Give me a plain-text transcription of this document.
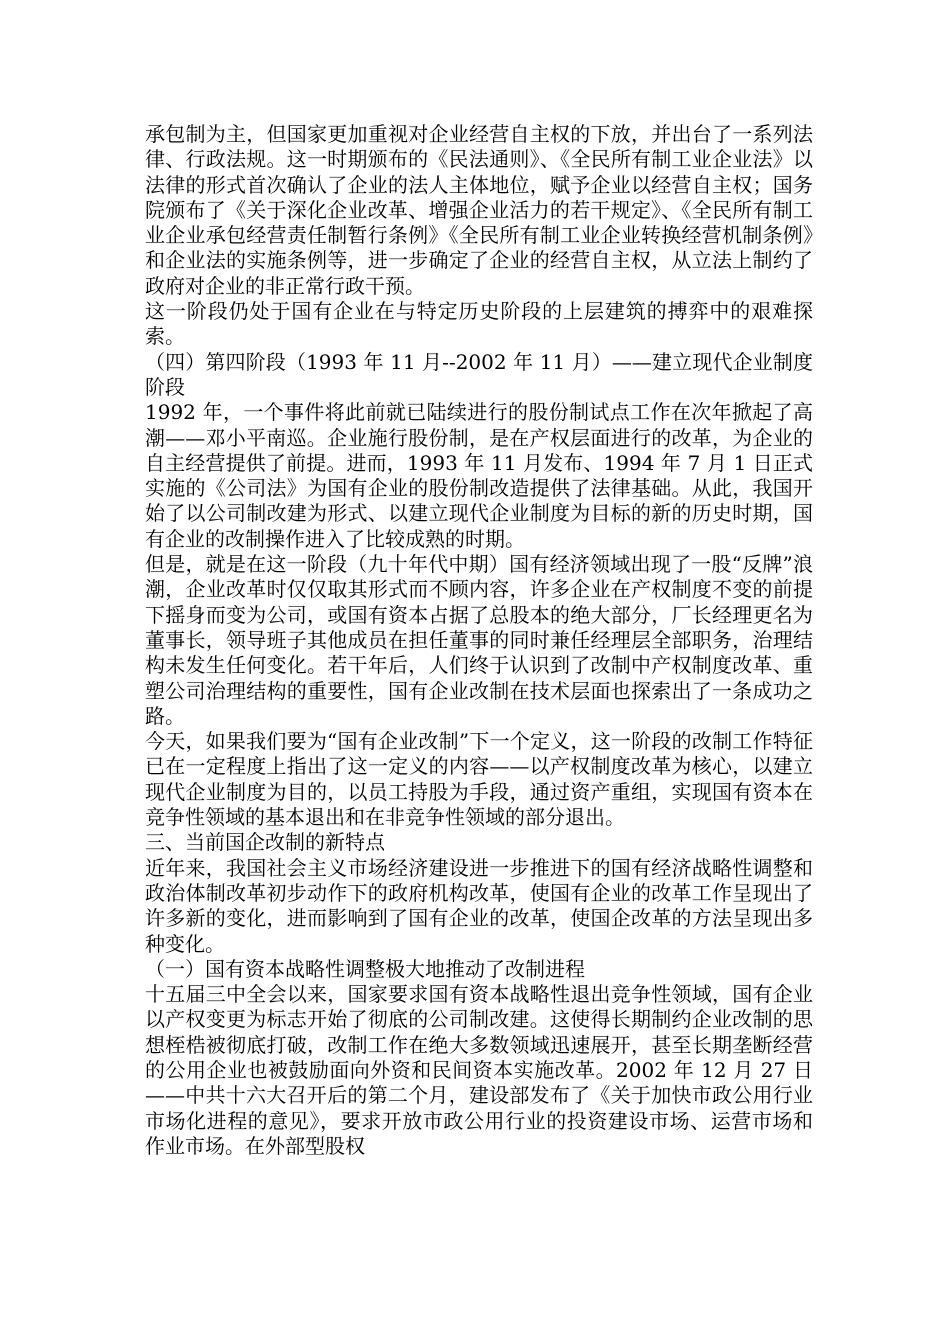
承包制为主，但国家更加重视对企业经营自主权的下放，并出台了一系列法律、行政法规。这一时期颁布的《民法通则》、《全民所有制工业企业法》以法律的形式首次确认了企业的法人主体地位，赋予企业以经营自主权；国务院颁布了《关于深化企业改革、增强企业活力的若干规定》、《全民所有制工业企业承包经营责任制暂行条例》《全民所有制工业企业转换经营机制条例》和企业法的实施条例等，进一步确定了企业的经营自主权，从立法上制约了政府对企业的非正常行政干预。

这一阶段仍处于国有企业在与特定历史阶段的上层建筑的搏弈中的艰难探索。

（四）第四阶段（1993 年 11 月--2002 年 11 月）——建立现代企业制度阶段

1992 年，一个事件将此前就已陆续进行的股份制试点工作在次年掀起了高潮——邓小平南巡。企业施行股份制，是在产权层面进行的改革，为企业的自主经营提供了前提。进而，1993 年 11 月发布、1994 年 7 月 1 日正式实施的《公司法》为国有企业的股份制改造提供了法律基础。从此，我国开始了以公司制改建为形式、以建立现代企业制度为目标的新的历史时期，国有企业的改制操作进入了比较成熟的时期。

但是，就是在这一阶段（九十年代中期）国有经济领域出现了一股“反牌”浪潮，企业改革时仅仅取其形式而不顾内容，许多企业在产权制度不变的前提下摇身而变为公司，或国有资本占据了总股本的绝大部分，厂长经理更名为董事长，领导班子其他成员在担任董事的同时兼任经理层全部职务，治理结构未发生任何变化。若干年后，人们终于认识到了改制中产权制度改革、重塑公司治理结构的重要性，国有企业改制在技术层面也探索出了一条成功之路。

今天，如果我们要为“国有企业改制”下一个定义，这一阶段的改制工作特征已在一定程度上指出了这一定义的内容——以产权制度改革为核心，以建立现代企业制度为目的，以员工持股为手段，通过资产重组，实现国有资本在竞争性领域的基本退出和在非竞争性领域的部分退出。

三、当前国企改制的新特点

近年来，我国社会主义市场经济建设进一步推进下的国有经济战略性调整和政治体制改革初步动作下的政府机构改革，使国有企业的改革工作呈现出了许多新的变化，进而影响到了国有企业的改革，使国企改革的方法呈现出多种变化。

（一）国有资本战略性调整极大地推动了改制进程

十五届三中全会以来，国家要求国有资本战略性退出竞争性领域，国有企业以产权变更为标志开始了彻底的公司制改建。这使得长期制约企业改制的思想桎梏被彻底打破，改制工作在绝大多数领域迅速展开，甚至长期垄断经营的公用企业也被鼓励面向外资和民间资本实施改革。2002 年 12 月 27 日——中共十六大召开后的第二个月，建设部发布了《关于加快市政公用行业市场化进程的意见》，要求开放市政公用行业的投资建设市场、运营市场和作业市场。在外部型股权
